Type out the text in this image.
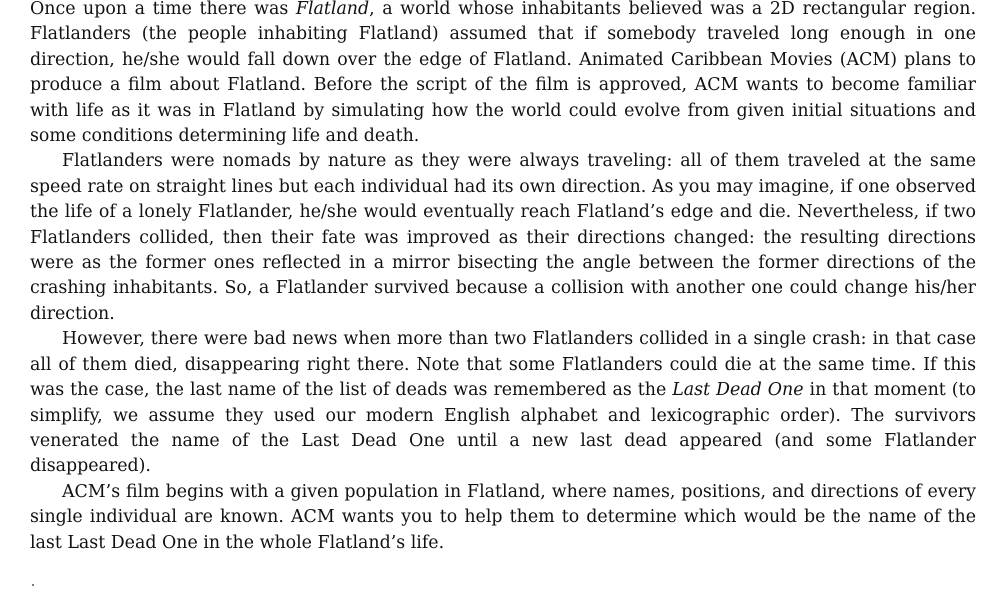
Once upon a time there was Flatland, a world whose inhabitants believed was a 2D rectangular region. Flatlanders (the people inhabiting Flatland) assumed that if somebody traveled long enough in one direction, he/she would fall down over the edge of Flatland. Animated Caribbean Movies (ACM) plans to produce a film about Flatland. Before the script of the film is approved, ACM wants to become familiar with life as it was in Flatland by simulating how the world could evolve from given initial situations and some conditions determining life and death.

Flatlanders were nomads by nature as they were always traveling: all of them traveled at the same speed rate on straight lines but each individual had its own direction. As you may imagine, if one observed the life of a lonely Flatlander, he/she would eventually reach Flatland’s edge and die. Nevertheless, if two Flatlanders collided, then their fate was improved as their directions changed: the resulting directions were as the former ones reflected in a mirror bisecting the angle between the former directions of the crashing inhabitants. So, a Flatlander survived because a collision with another one could change his/her direction.

However, there were bad news when more than two Flatlanders collided in a single crash: in that case all of them died, disappearing right there. Note that some Flatlanders could die at the same time. If this was the case, the last name of the list of deads was remembered as the Last Dead One in that moment (to simplify, we assume they used our modern English alphabet and lexicographic order). The survivors venerated the name of the Last Dead One until a new last dead appeared (and some Flatlander disappeared).

ACM’s film begins with a given population in Flatland, where names, positions, and directions of every single individual are known. ACM wants you to help them to determine which would be the name of the last Last Dead One in the whole Flatland’s life.
